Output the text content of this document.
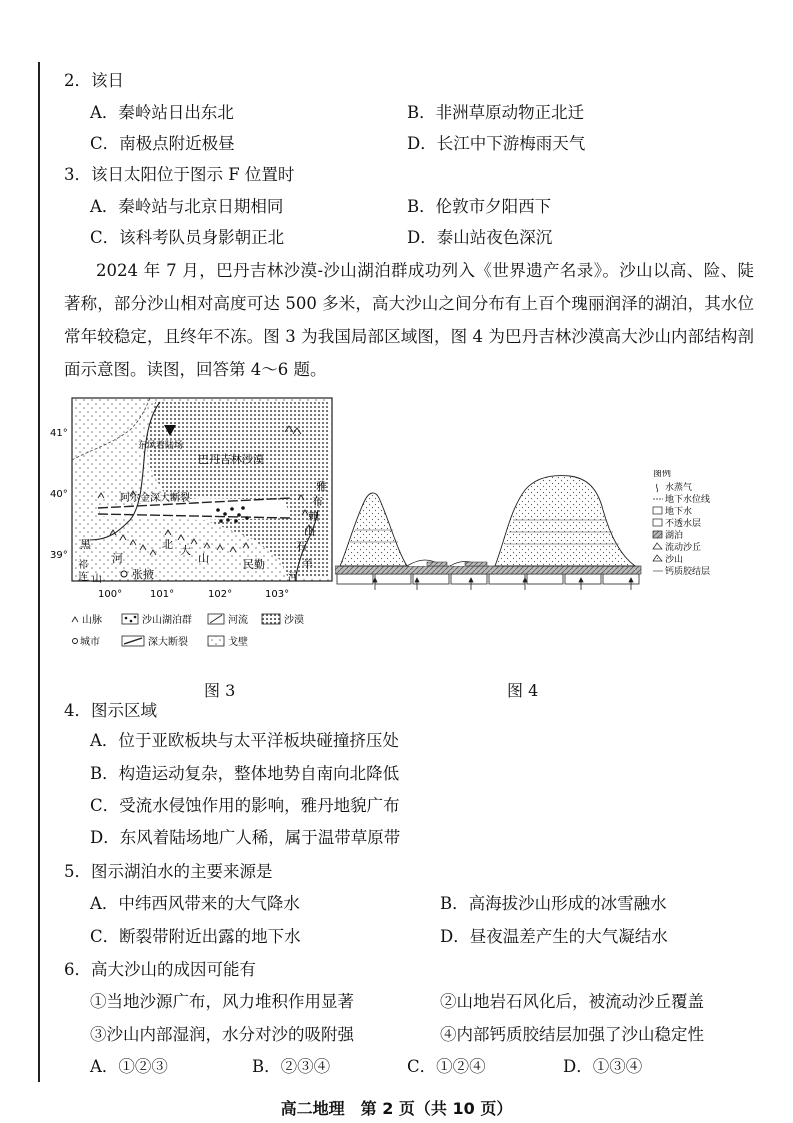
2．该日
A．秦岭站日出东北	B．非洲草原动物正北迁
C．南极点附近极昼	D．长江中下游梅雨天气
3．该日太阳位于图示 F 位置时
A．秦岭站与北京日期相同	B．伦敦市夕阳西下
C．该科考队员身影朝正北	D．泰山站夜色深沉
2024 年 7 月，巴丹吉林沙漠-沙山湖泊群成功列入《世界遗产名录》。沙山以高、险、陡著称，部分沙山相对高度可达 500 多米，高大沙山之间分布有上百个瑰丽润泽的湖泊，其水位常年较稳定，且终年不冻。图 3 为我国局部区域图，图 4 为巴丹吉林沙漠高大沙山内部结构剖面示意图。读图，回答第 4～6 题。
东风着陆场
巴丹吉林沙漠
阿尔金深大断裂
黑
河
祁
连 山
北 大
山
张掖
民勤
雅
布
赖
山
石
羊
河
41°
40°
39°
100°	101°	102°	103°
山脉	沙山湖泊群	河流	沙漠
城市	深大断裂	戈壁
图 3
图例
水蒸气
地下水位线
地下水
不透水层
湖泊
流动沙丘
沙山
钙质胶结层
图 4
4．图示区域
A．位于亚欧板块与太平洋板块碰撞挤压处
B．构造运动复杂，整体地势自南向北降低
C．受流水侵蚀作用的影响，雅丹地貌广布
D．东风着陆场地广人稀，属于温带草原带
5．图示湖泊水的主要来源是
A．中纬西风带来的大气降水	B．高海拔沙山形成的冰雪融水
C．断裂带附近出露的地下水	D．昼夜温差产生的大气凝结水
6．高大沙山的成因可能有
①当地沙源广布，风力堆积作用显著	②山地岩石风化后，被流动沙丘覆盖
③沙山内部湿润，水分对沙的吸附强	④内部钙质胶结层加强了沙山稳定性
A．①②③	B．②③④	C．①②④	D．①③④
高二地理　第 2 页（共 10 页）
